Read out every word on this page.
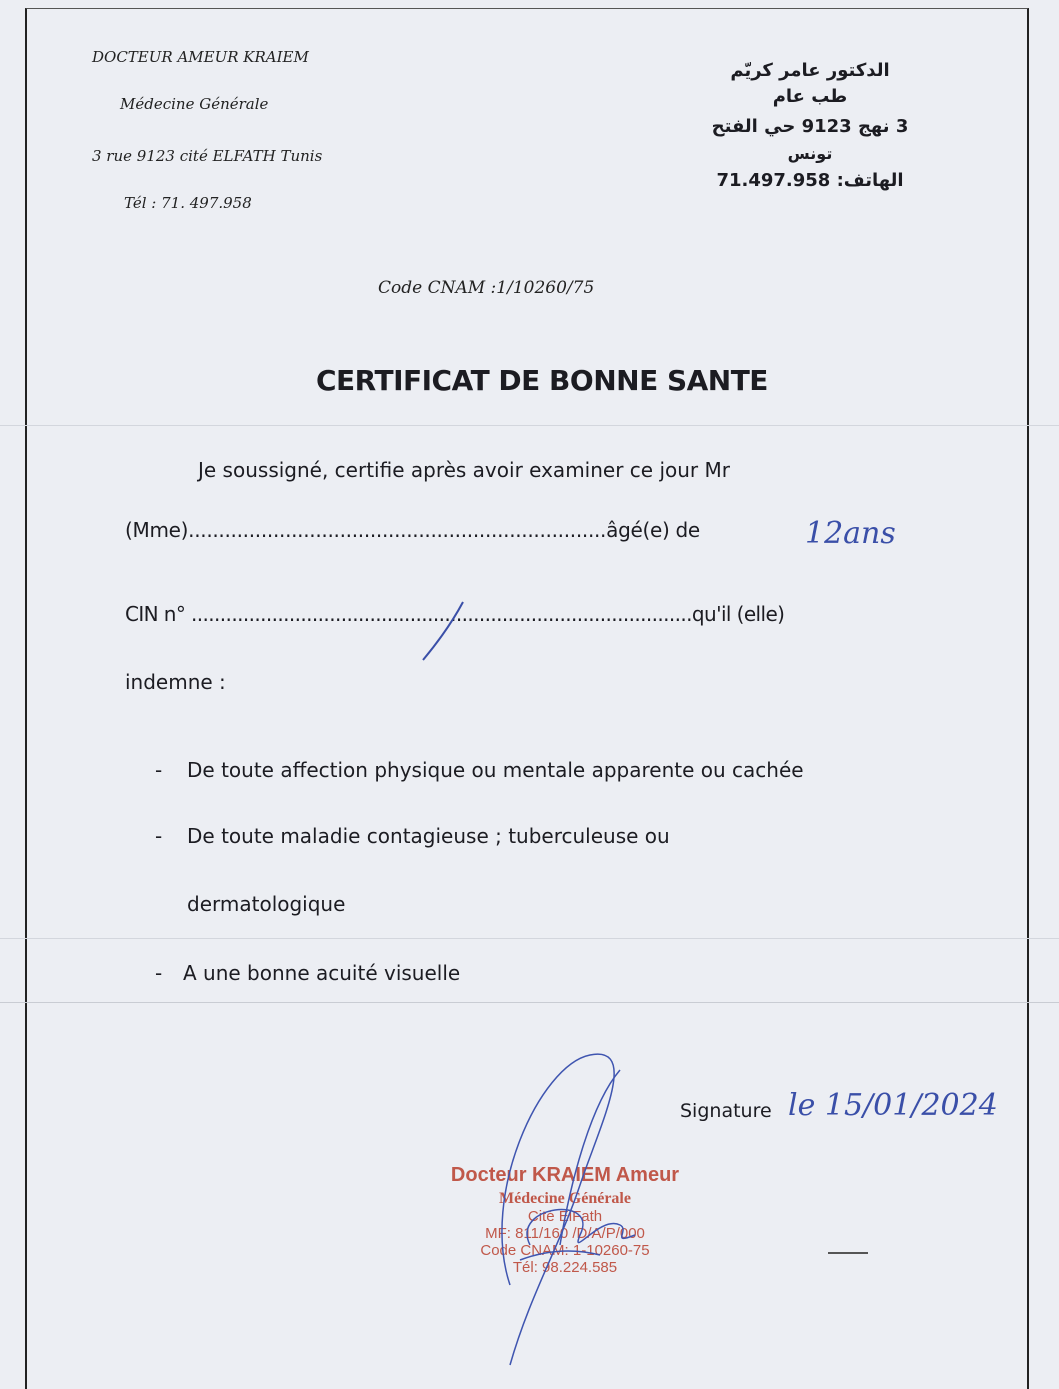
DOCTEUR AMEUR KRAIEM
Médecine Générale
3 rue 9123 cité ELFATH Tunis
Tél : 71. 497.958
الدكتور عامر كريّم
طب عام
3 نهج 9123 حي الفتح
تونس
الهاتف: 71.497.958
Code CNAM :1/10260/75
CERTIFICAT DE BONNE SANTE
Je soussigné, certifie après avoir examiner ce jour Mr
(Mme).....................................................................âgé(e) de	12ans
CIN n° .......................................................................................qu'il (elle)
indemne :
- De toute affection physique ou mentale apparente ou cachée
- De toute maladie contagieuse ; tuberculeuse ou
dermatologique
- A une bonne acuité visuelle
Signature le 15/01/2024
Docteur KRAIEM Ameur
Médecine Générale
Cité ElFath
MF: 811/160 /D/A/P/000
Code CNAM: 1-10260-75
Tél: 98.224.585
